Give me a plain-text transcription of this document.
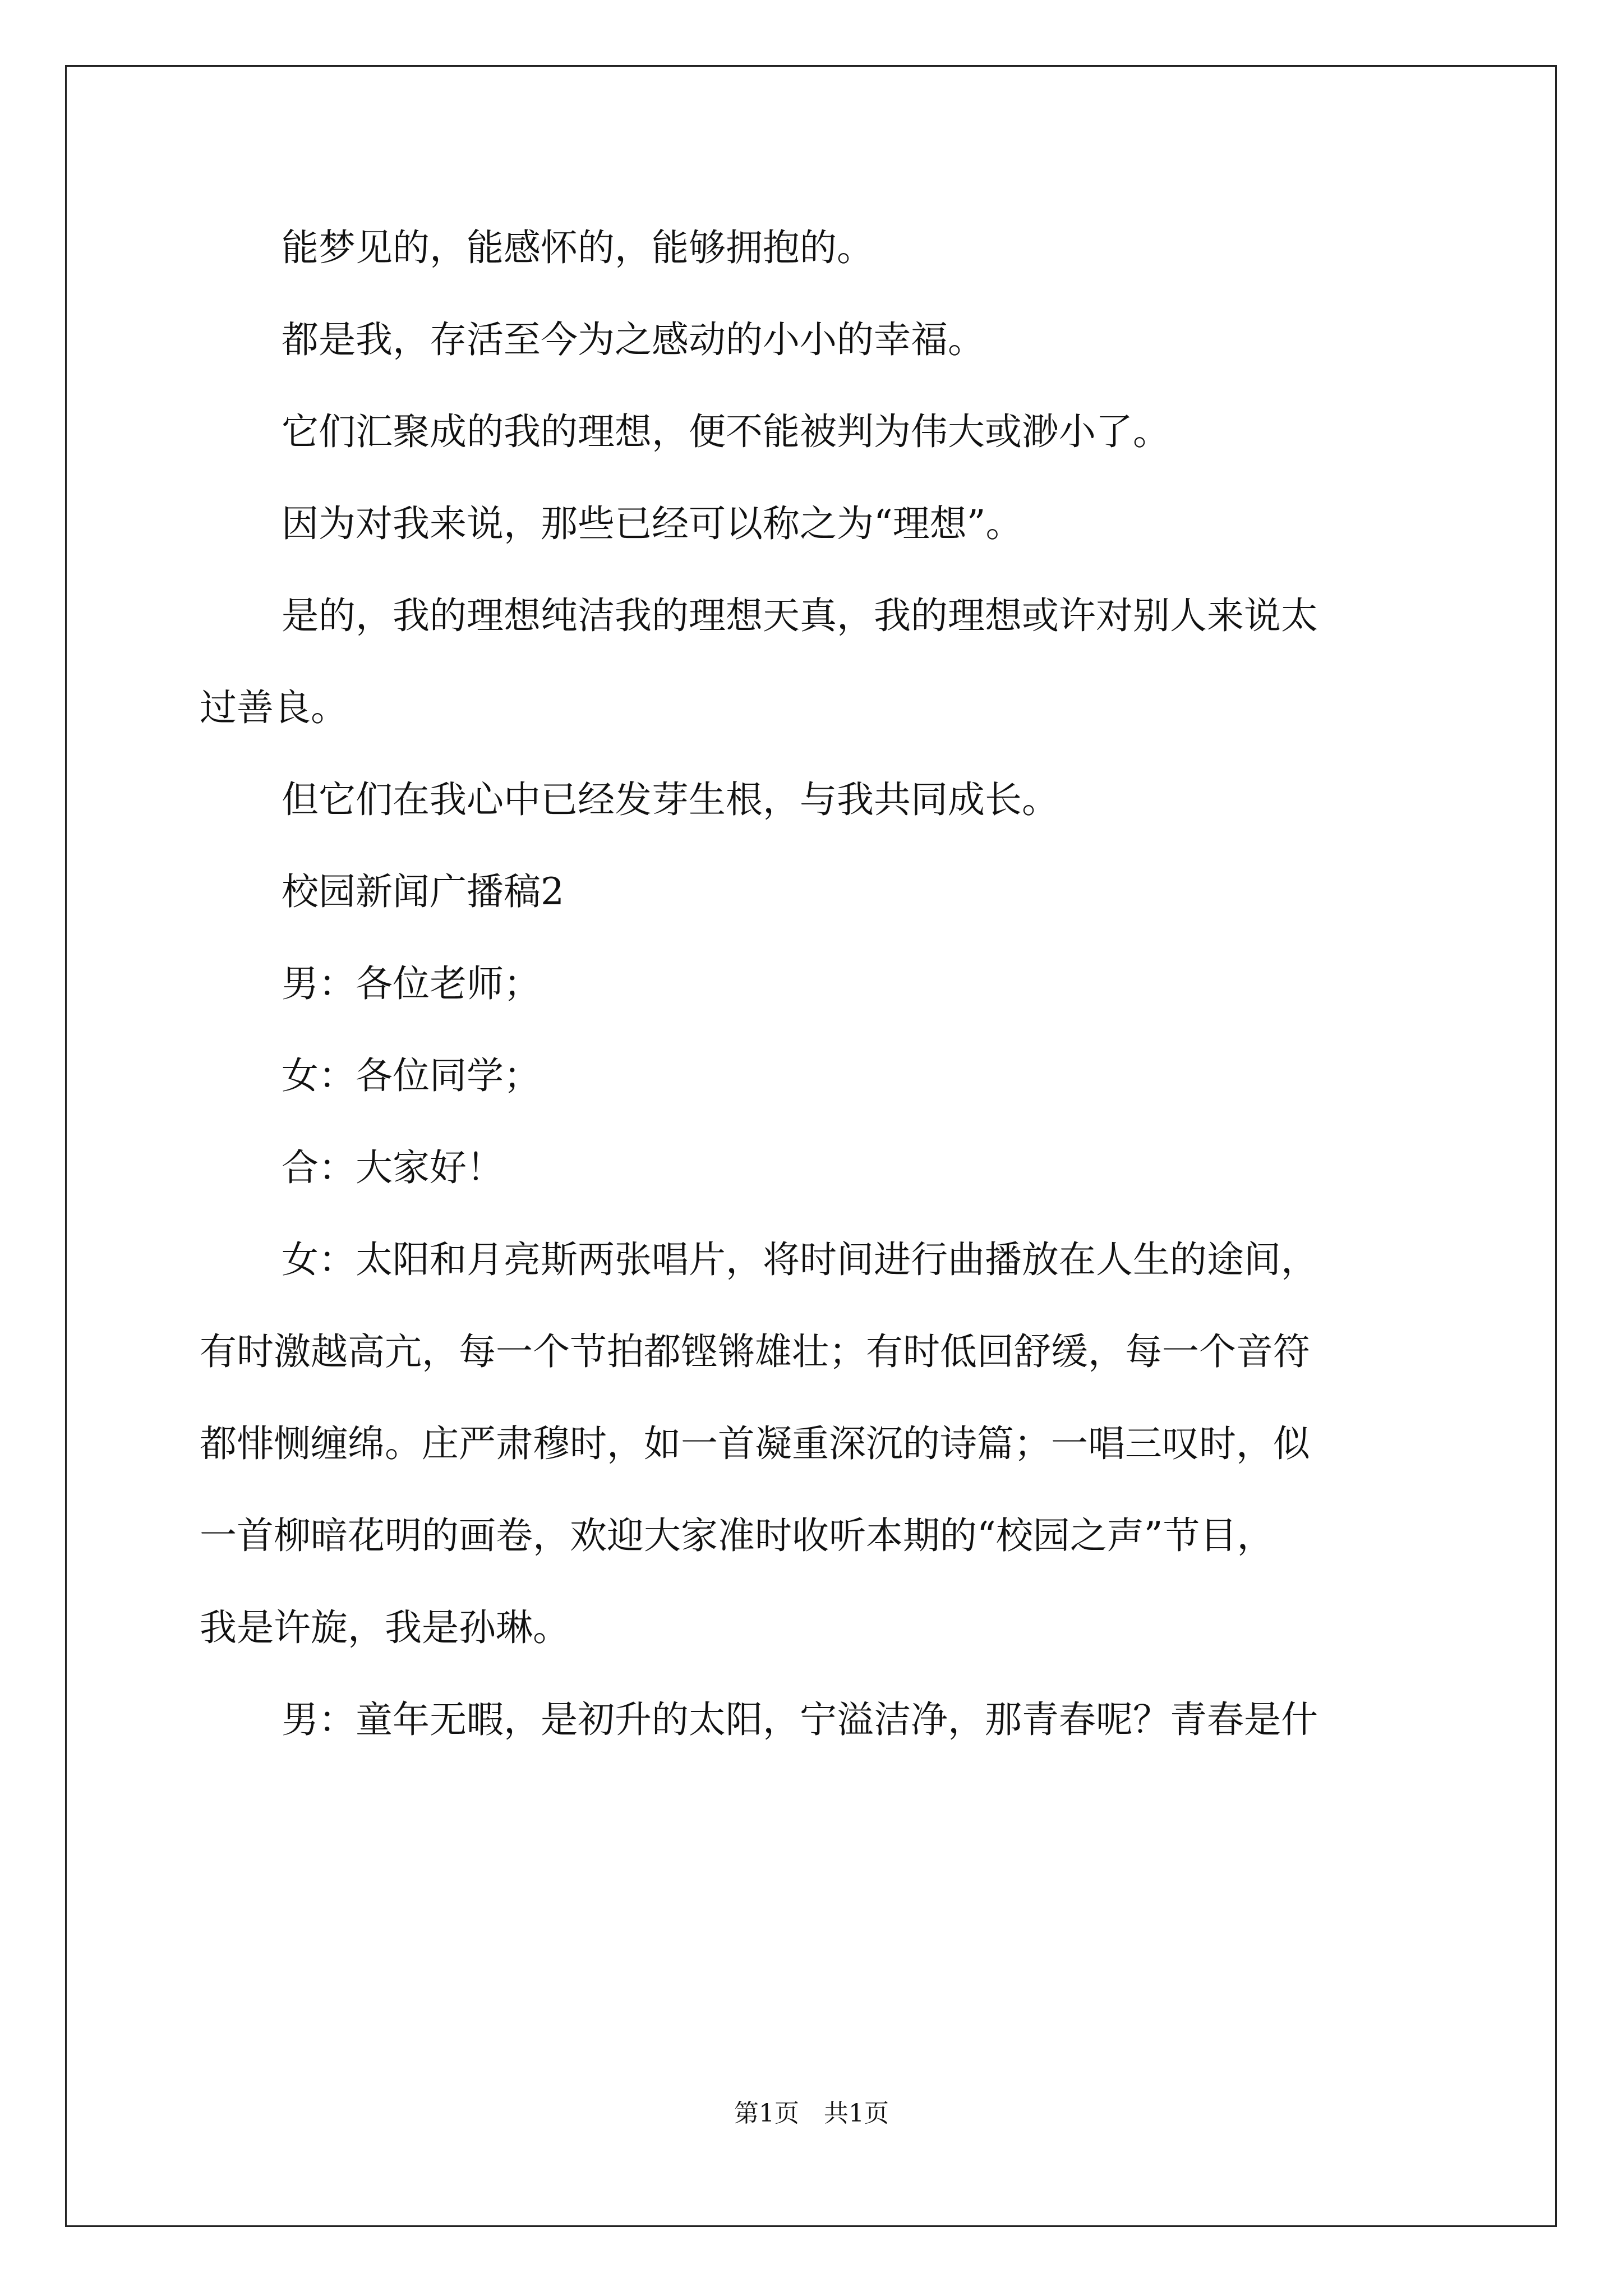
能梦见的，能感怀的，能够拥抱的。
都是我，存活至今为之感动的小小的幸福。
它们汇聚成的我的理想，便不能被判为伟大或渺小了。
因为对我来说，那些已经可以称之为“理想”。
是的，我的理想纯洁我的理想天真，我的理想或许对别人来说太
过善良。
但它们在我心中已经发芽生根，与我共同成长。
校园新闻广播稿2
男：各位老师；
女：各位同学；
合：大家好！
女：太阳和月亮斯两张唱片，将时间进行曲播放在人生的途间，
有时激越高亢，每一个节拍都铿锵雄壮；有时低回舒缓，每一个音符
都悱恻缠绵。庄严肃穆时，如一首凝重深沉的诗篇；一唱三叹时，似
一首柳暗花明的画卷，欢迎大家准时收听本期的“校园之声”节目，
我是许旋，我是孙琳。
男：童年无暇，是初升的太阳，宁溢洁净，那青春呢？青春是什
第1页 共1页
